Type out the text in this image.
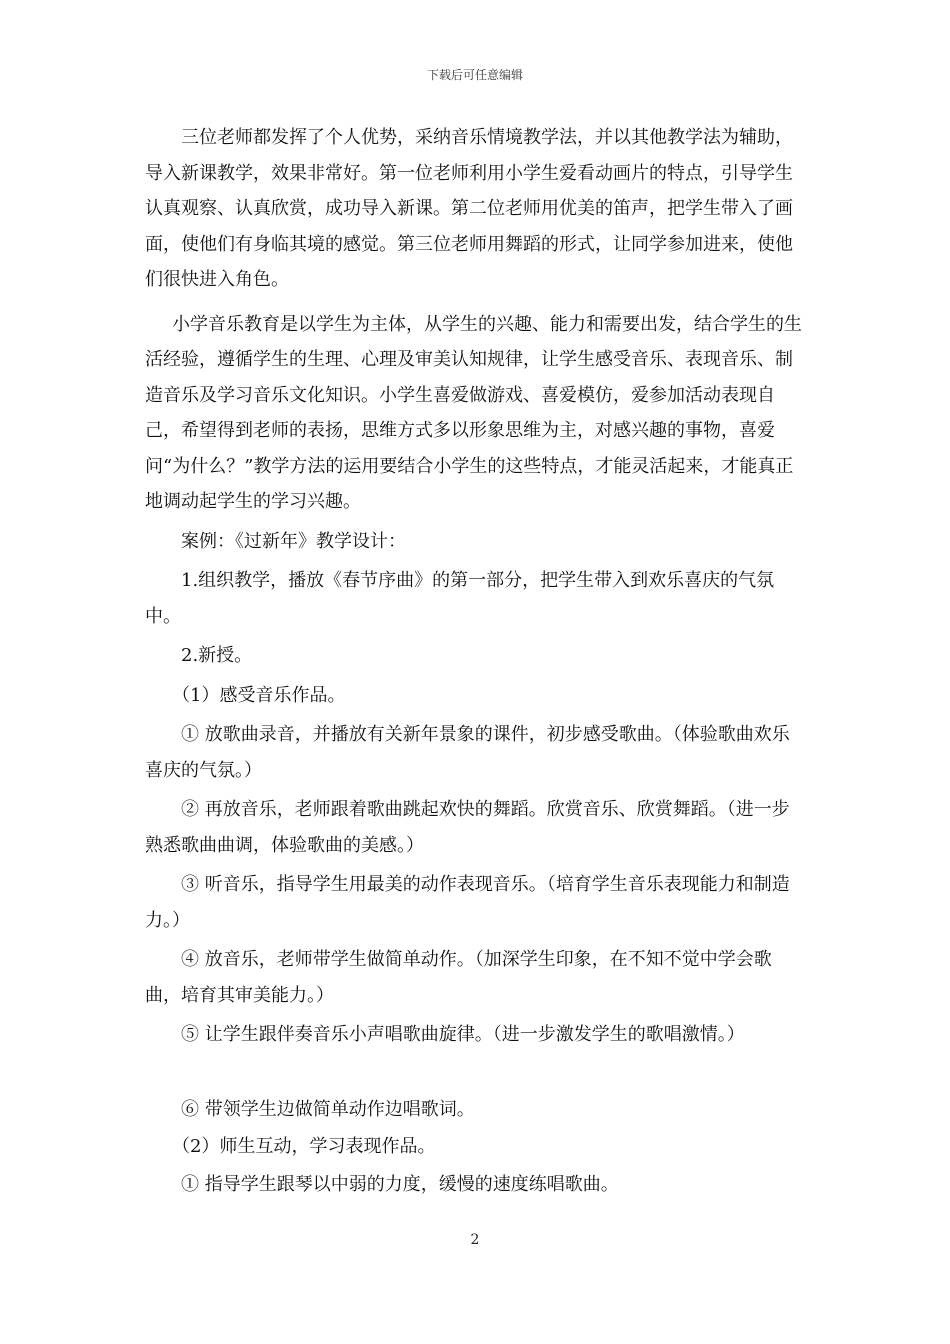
下载后可任意编辑

三位老师都发挥了个人优势，采纳音乐情境教学法，并以其他教学法为辅助，导入新课教学，效果非常好。第一位老师利用小学生爱看动画片的特点，引导学生认真观察、认真欣赏，成功导入新课。第二位老师用优美的笛声，把学生带入了画面，使他们有身临其境的感觉。第三位老师用舞蹈的形式，让同学参加进来，使他们很快进入角色。

小学音乐教育是以学生为主体，从学生的兴趣、能力和需要出发，结合学生的生活经验，遵循学生的生理、心理及审美认知规律，让学生感受音乐、表现音乐、制造音乐及学习音乐文化知识。小学生喜爱做游戏、喜爱模仿，爱参加活动表现自己，希望得到老师的表扬，思维方式多以形象思维为主，对感兴趣的事物，喜爱问“为什么？”教学方法的运用要结合小学生的这些特点，才能灵活起来，才能真正地调动起学生的学习兴趣。

案例：《过新年》教学设计：

1.组织教学，播放《春节序曲》的第一部分，把学生带入到欢乐喜庆的气氛中。

2.新授。

（1）感受音乐作品。

① 放歌曲录音，并播放有关新年景象的课件，初步感受歌曲。（体验歌曲欢乐喜庆的气氛。）

② 再放音乐，老师跟着歌曲跳起欢快的舞蹈。欣赏音乐、欣赏舞蹈。（进一步熟悉歌曲曲调，体验歌曲的美感。）

③ 听音乐，指导学生用最美的动作表现音乐。（培育学生音乐表现能力和制造力。）

④ 放音乐，老师带学生做简单动作。（加深学生印象，在不知不觉中学会歌曲，培育其审美能力。）

⑤ 让学生跟伴奏音乐小声唱歌曲旋律。（进一步激发学生的歌唱激情。）

⑥ 带领学生边做简单动作边唱歌词。

（2）师生互动，学习表现作品。

① 指导学生跟琴以中弱的力度，缓慢的速度练唱歌曲。

2
